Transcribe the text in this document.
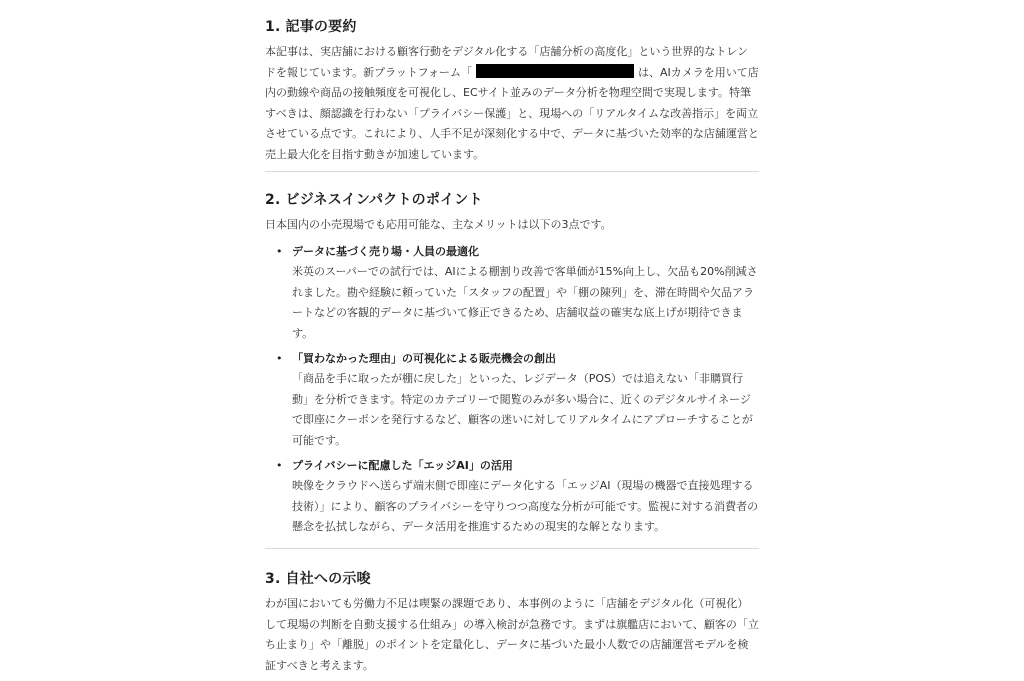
1. 記事の要約

本記事は、実店舗における顧客行動をデジタル化する「店舗分析の高度化」という世界的なトレンドを報じています。新プラットフォーム「	は、AIカメラを用いて店内の動線や商品の接触頻度を可視化し、ECサイト並みのデータ分析を物理空間で実現します。特筆すべきは、顔認識を行わない「プライバシー保護」と、現場への「リアルタイムな改善指示」を両立させている点です。これにより、人手不足が深刻化する中で、データに基づいた効率的な店舗運営と売上最大化を目指す動きが加速しています。

2. ビジネスインパクトのポイント

日本国内の小売現場でも応用可能な、主なメリットは以下の3点です。

• データに基づく売り場・人員の最適化
米英のスーパーでの試行では、AIによる棚割り改善で客単価が15%向上し、欠品も20%削減されました。勘や経験に頼っていた「スタッフの配置」や「棚の陳列」を、滞在時間や欠品アラートなどの客観的データに基づいて修正できるため、店舗収益の確実な底上げが期待できます。
• 「買わなかった理由」の可視化による販売機会の創出
「商品を手に取ったが棚に戻した」といった、レジデータ（POS）では追えない「非購買行動」を分析できます。特定のカテゴリーで閲覧のみが多い場合に、近くのデジタルサイネージで即座にクーポンを発行するなど、顧客の迷いに対してリアルタイムにアプローチすることが可能です。
• プライバシーに配慮した「エッジAI」の活用
映像をクラウドへ送らず端末側で即座にデータ化する「エッジAI（現場の機器で直接処理する技術）」により、顧客のプライバシーを守りつつ高度な分析が可能です。監視に対する消費者の懸念を払拭しながら、データ活用を推進するための現実的な解となります。
3. 自社への示唆

わが国においても労働力不足は喫緊の課題であり、本事例のように「店舗をデジタル化（可視化）して現場の判断を自動支援する仕組み」の導入検討が急務です。まずは旗艦店において、顧客の「立ち止まり」や「離脱」のポイントを定量化し、データに基づいた最小人数での店舗運営モデルを検証すべきと考えます。
